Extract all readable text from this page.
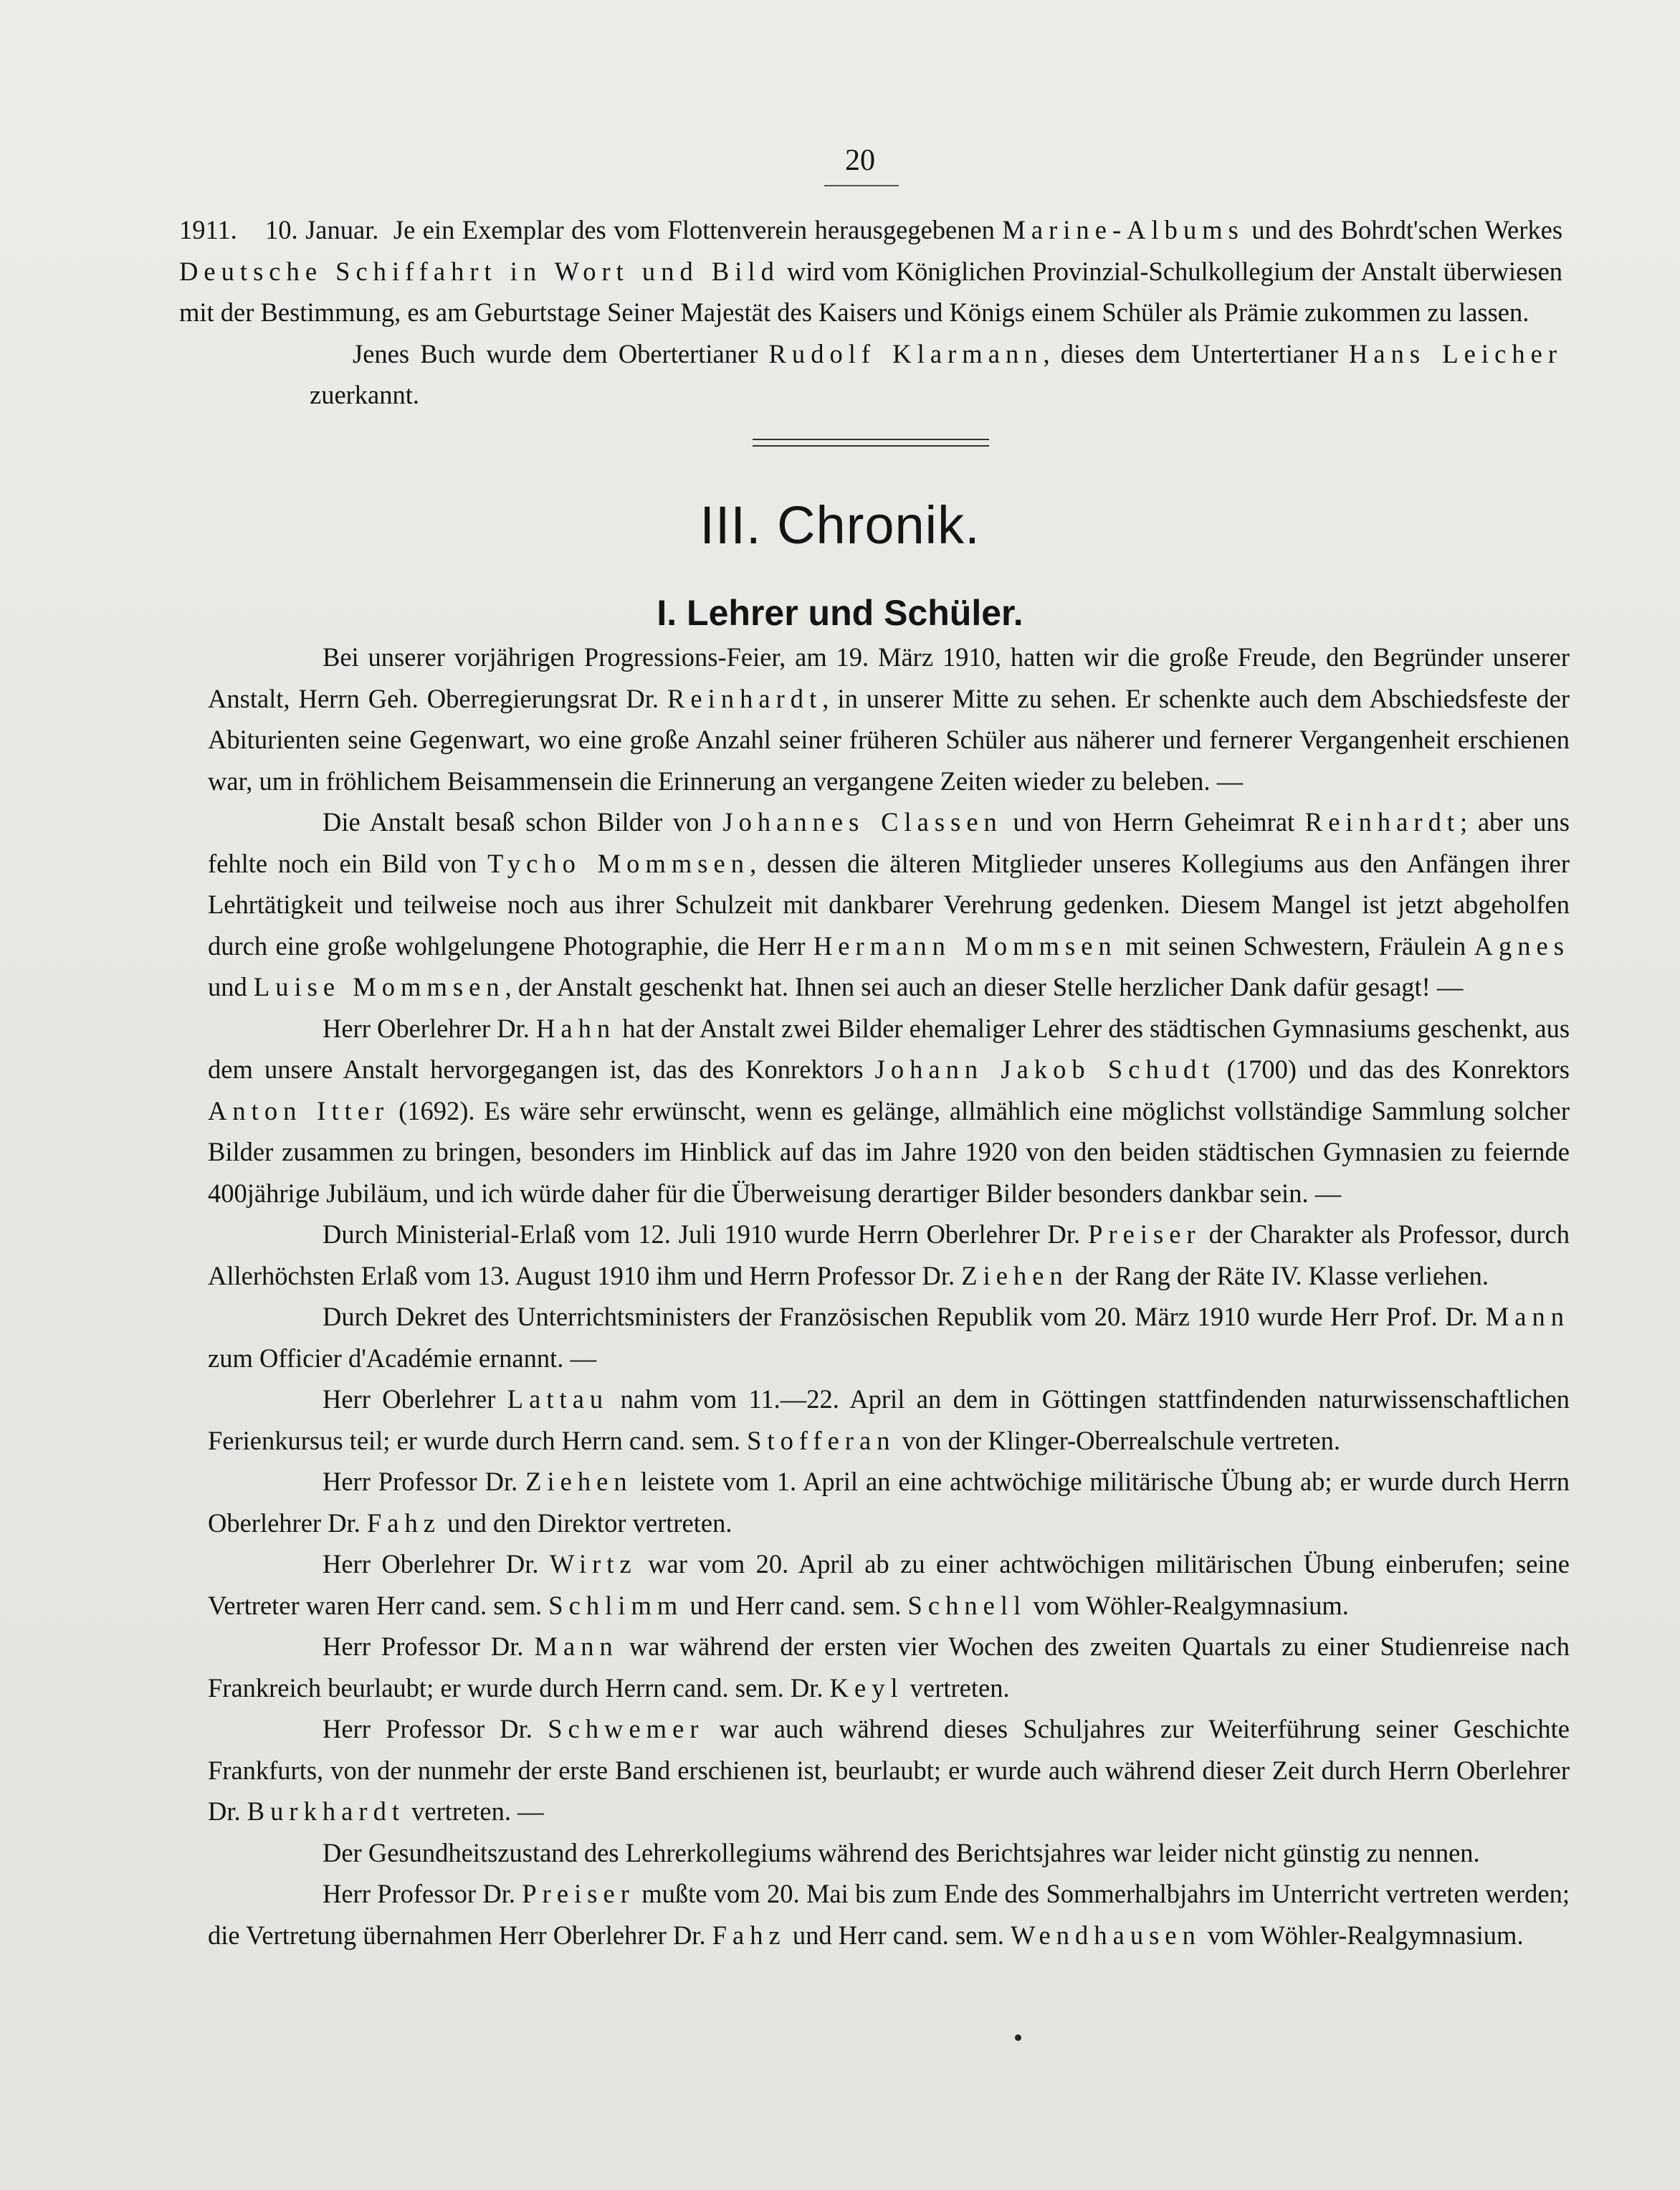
20
1911. 10. Januar. Je ein Exemplar des vom Flottenverein herausgegebenen Marine-Albums und des Bohrdt'schen Werkes Deutsche Schiffahrt in Wort und Bild wird vom Königlichen Provinzial-Schulkollegium der Anstalt überwiesen mit der Bestimmung, es am Geburtstage Seiner Majestät des Kaisers und Königs einem Schüler als Prämie zukommen zu lassen.
Jenes Buch wurde dem Obertertianer Rudolf Klarmann, dieses dem Untertertianer Hans Leicher zuerkannt.
III. Chronik.
I. Lehrer und Schüler.

Bei unserer vorjährigen Progressions-Feier, am 19. März 1910, hatten wir die große Freude, den Begründer unserer Anstalt, Herrn Geh. Oberregierungsrat Dr. Reinhardt, in unserer Mitte zu sehen. Er schenkte auch dem Abschiedsfeste der Abiturienten seine Gegenwart, wo eine große Anzahl seiner früheren Schüler aus näherer und fernerer Vergangenheit erschienen war, um in fröhlichem Beisammensein die Erinnerung an vergangene Zeiten wieder zu beleben. —

Die Anstalt besaß schon Bilder von Johannes Classen und von Herrn Geheimrat Reinhardt; aber uns fehlte noch ein Bild von Tycho Mommsen, dessen die älteren Mitglieder unseres Kollegiums aus den Anfängen ihrer Lehrtätigkeit und teilweise noch aus ihrer Schulzeit mit dankbarer Verehrung gedenken. Diesem Mangel ist jetzt abgeholfen durch eine große wohlgelungene Photographie, die Herr Hermann Mommsen mit seinen Schwestern, Fräulein Agnes und Luise Mommsen, der Anstalt geschenkt hat. Ihnen sei auch an dieser Stelle herzlicher Dank dafür gesagt! —

Herr Oberlehrer Dr. Hahn hat der Anstalt zwei Bilder ehemaliger Lehrer des städtischen Gymnasiums geschenkt, aus dem unsere Anstalt hervorgegangen ist, das des Konrektors Johann Jakob Schudt (1700) und das des Konrektors Anton Itter (1692). Es wäre sehr erwünscht, wenn es gelänge, allmählich eine möglichst vollständige Sammlung solcher Bilder zusammen zu bringen, besonders im Hinblick auf das im Jahre 1920 von den beiden städtischen Gymnasien zu feiernde 400jährige Jubiläum, und ich würde daher für die Überweisung derartiger Bilder besonders dankbar sein. —

Durch Ministerial-Erlaß vom 12. Juli 1910 wurde Herrn Oberlehrer Dr. Preiser der Charakter als Professor, durch Allerhöchsten Erlaß vom 13. August 1910 ihm und Herrn Professor Dr. Ziehen der Rang der Räte IV. Klasse verliehen.

Durch Dekret des Unterrichtsministers der Französischen Republik vom 20. März 1910 wurde Herr Prof. Dr. Mann zum Officier d'Académie ernannt. —

Herr Oberlehrer Lattau nahm vom 11.—22. April an dem in Göttingen stattfindenden naturwissenschaftlichen Ferienkursus teil; er wurde durch Herrn cand. sem. Stofferan von der Klinger-Oberrealschule vertreten.

Herr Professor Dr. Ziehen leistete vom 1. April an eine achtwöchige militärische Übung ab; er wurde durch Herrn Oberlehrer Dr. Fahz und den Direktor vertreten.

Herr Oberlehrer Dr. Wirtz war vom 20. April ab zu einer achtwöchigen militärischen Übung einberufen; seine Vertreter waren Herr cand. sem. Schlimm und Herr cand. sem. Schnell vom Wöhler-Realgymnasium.

Herr Professor Dr. Mann war während der ersten vier Wochen des zweiten Quartals zu einer Studienreise nach Frankreich beurlaubt; er wurde durch Herrn cand. sem. Dr. Keyl vertreten.

Herr Professor Dr. Schwemer war auch während dieses Schuljahres zur Weiterführung seiner Geschichte Frankfurts, von der nunmehr der erste Band erschienen ist, beurlaubt; er wurde auch während dieser Zeit durch Herrn Oberlehrer Dr. Burkhardt vertreten. —

Der Gesundheitszustand des Lehrerkollegiums während des Berichtsjahres war leider nicht günstig zu nennen.

Herr Professor Dr. Preiser mußte vom 20. Mai bis zum Ende des Sommerhalbjahrs im Unterricht vertreten werden; die Vertretung übernahmen Herr Oberlehrer Dr. Fahz und Herr cand. sem. Wendhausen vom Wöhler-Realgymnasium.
